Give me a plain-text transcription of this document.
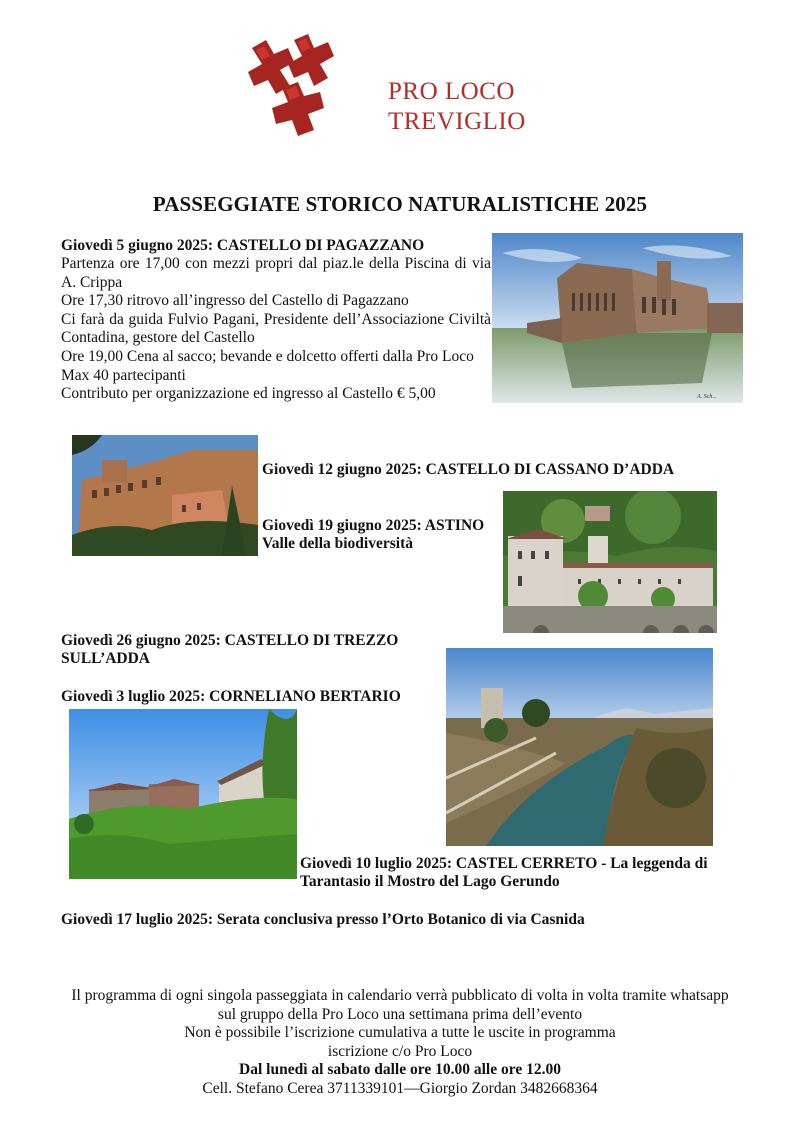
PRO LOCO
TREVIGLIO
PASSEGGIATE STORICO NATURALISTICHE 2025
Giovedì 5 giugno 2025: CASTELLO DI PAGAZZANO
Partenza ore 17,00 con mezzi propri dal piaz.le della Piscina di via A. Crippa
Ore 17,30 ritrovo all’ingresso del Castello di Pagazzano
Ci farà da guida Fulvio Pagani, Presidente dell’Associazione Civiltà Contadina, gestore del Castello
Ore 19,00 Cena al sacco; bevande e dolcetto offerti dalla Pro Loco
Max 40 partecipanti
Contributo per organizzazione ed ingresso al Castello € 5,00	A. Sch...
Giovedì 12 giugno 2025: CASTELLO DI CASSANO D’ADDA
Giovedì 19 giugno 2025: ASTINO
Valle della biodiversità
Giovedì 26 giugno 2025: CASTELLO DI TREZZO
SULL’ADDA
Giovedì 3 luglio 2025: CORNELIANO BERTARIO
Giovedì 10 luglio 2025: CASTEL CERRETO - La leggenda di
Tarantasio il Mostro del Lago Gerundo
Giovedì 17 luglio 2025: Serata conclusiva presso l’Orto Botanico di via Casnida
Il programma di ogni singola passeggiata in calendario verrà pubblicato di volta in volta tramite whatsapp
sul gruppo della Pro Loco una settimana prima dell’evento
Non è possibile l’iscrizione cumulativa a tutte le uscite in programma
iscrizione c/o Pro Loco
Dal lunedì al sabato dalle ore 10.00 alle ore 12.00
Cell. Stefano Cerea 3711339101—Giorgio Zordan 3482668364
